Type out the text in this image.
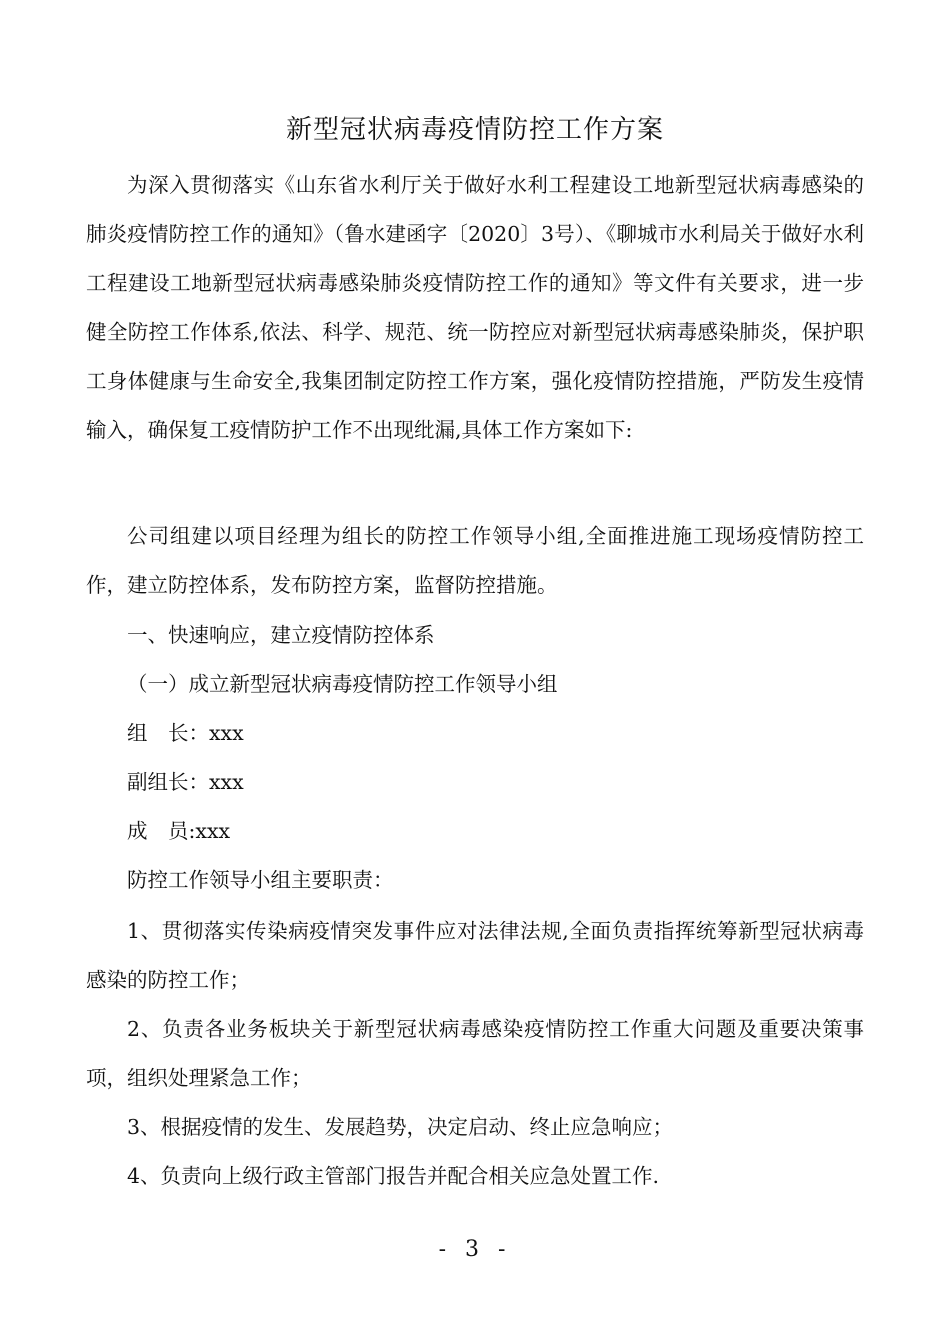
新型冠状病毒疫情防控工作方案

为深入贯彻落实《山东省水利厅关于做好水利工程建设工地新型冠状病毒感染的肺炎疫情防控工作的通知》（鲁水建函字〔2020〕3号）、《聊城市水利局关于做好水利工程建设工地新型冠状病毒感染肺炎疫情防控工作的通知》等文件有关要求，进一步健全防控工作体系,依法、科学、规范、统一防控应对新型冠状病毒感染肺炎，保护职工身体健康与生命安全,我集团制定防控工作方案，强化疫情防控措施，严防发生疫情输入，确保复工疫情防护工作不出现纰漏,具体工作方案如下:

公司组建以项目经理为组长的防控工作领导小组,全面推进施工现场疫情防控工作，建立防控体系，发布防控方案，监督防控措施。

一、快速响应，建立疫情防控体系

（一）成立新型冠状病毒疫情防控工作领导小组

组　长：xxx

副组长：xxx

成　员:xxx

防控工作领导小组主要职责：

1、贯彻落实传染病疫情突发事件应对法律法规,全面负责指挥统筹新型冠状病毒感染的防控工作；

2、负责各业务板块关于新型冠状病毒感染疫情防控工作重大问题及重要决策事项，组织处理紧急工作；

3、根据疫情的发生、发展趋势，决定启动、终止应急响应；

4、负责向上级行政主管部门报告并配合相关应急处置工作.

- 3 -
